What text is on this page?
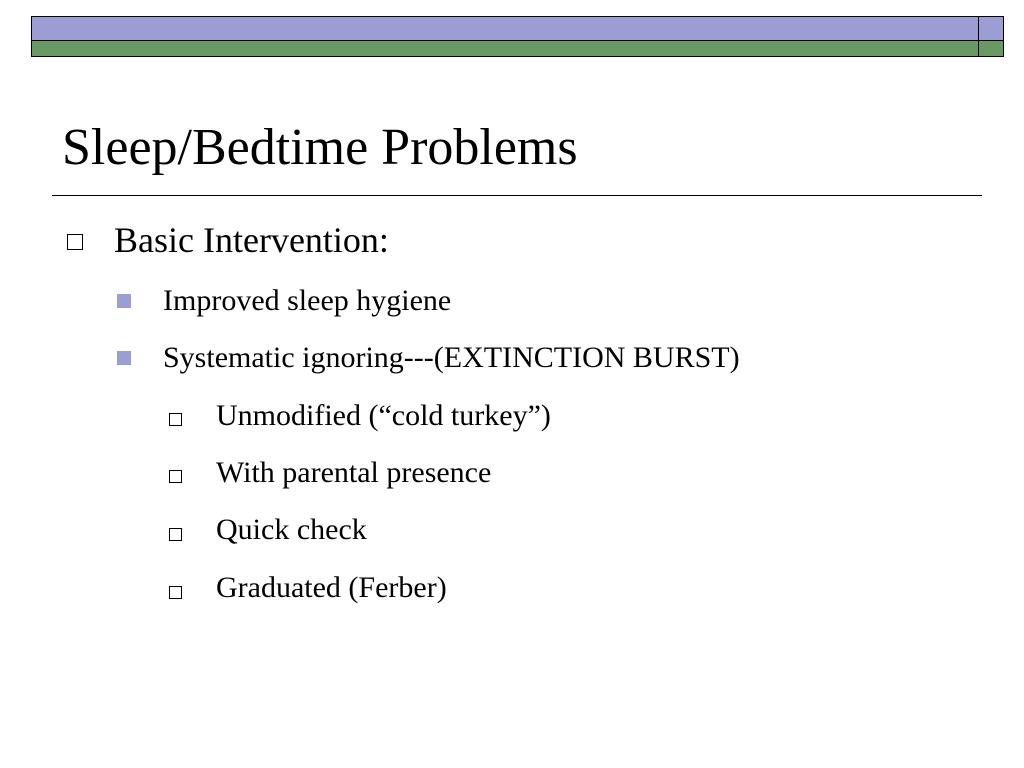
Sleep/Bedtime Problems
Basic Intervention:
Improved sleep hygiene
Systematic ignoring---(EXTINCTION BURST)
Unmodified (“cold turkey”)
With parental presence
Quick check
Graduated (Ferber)
